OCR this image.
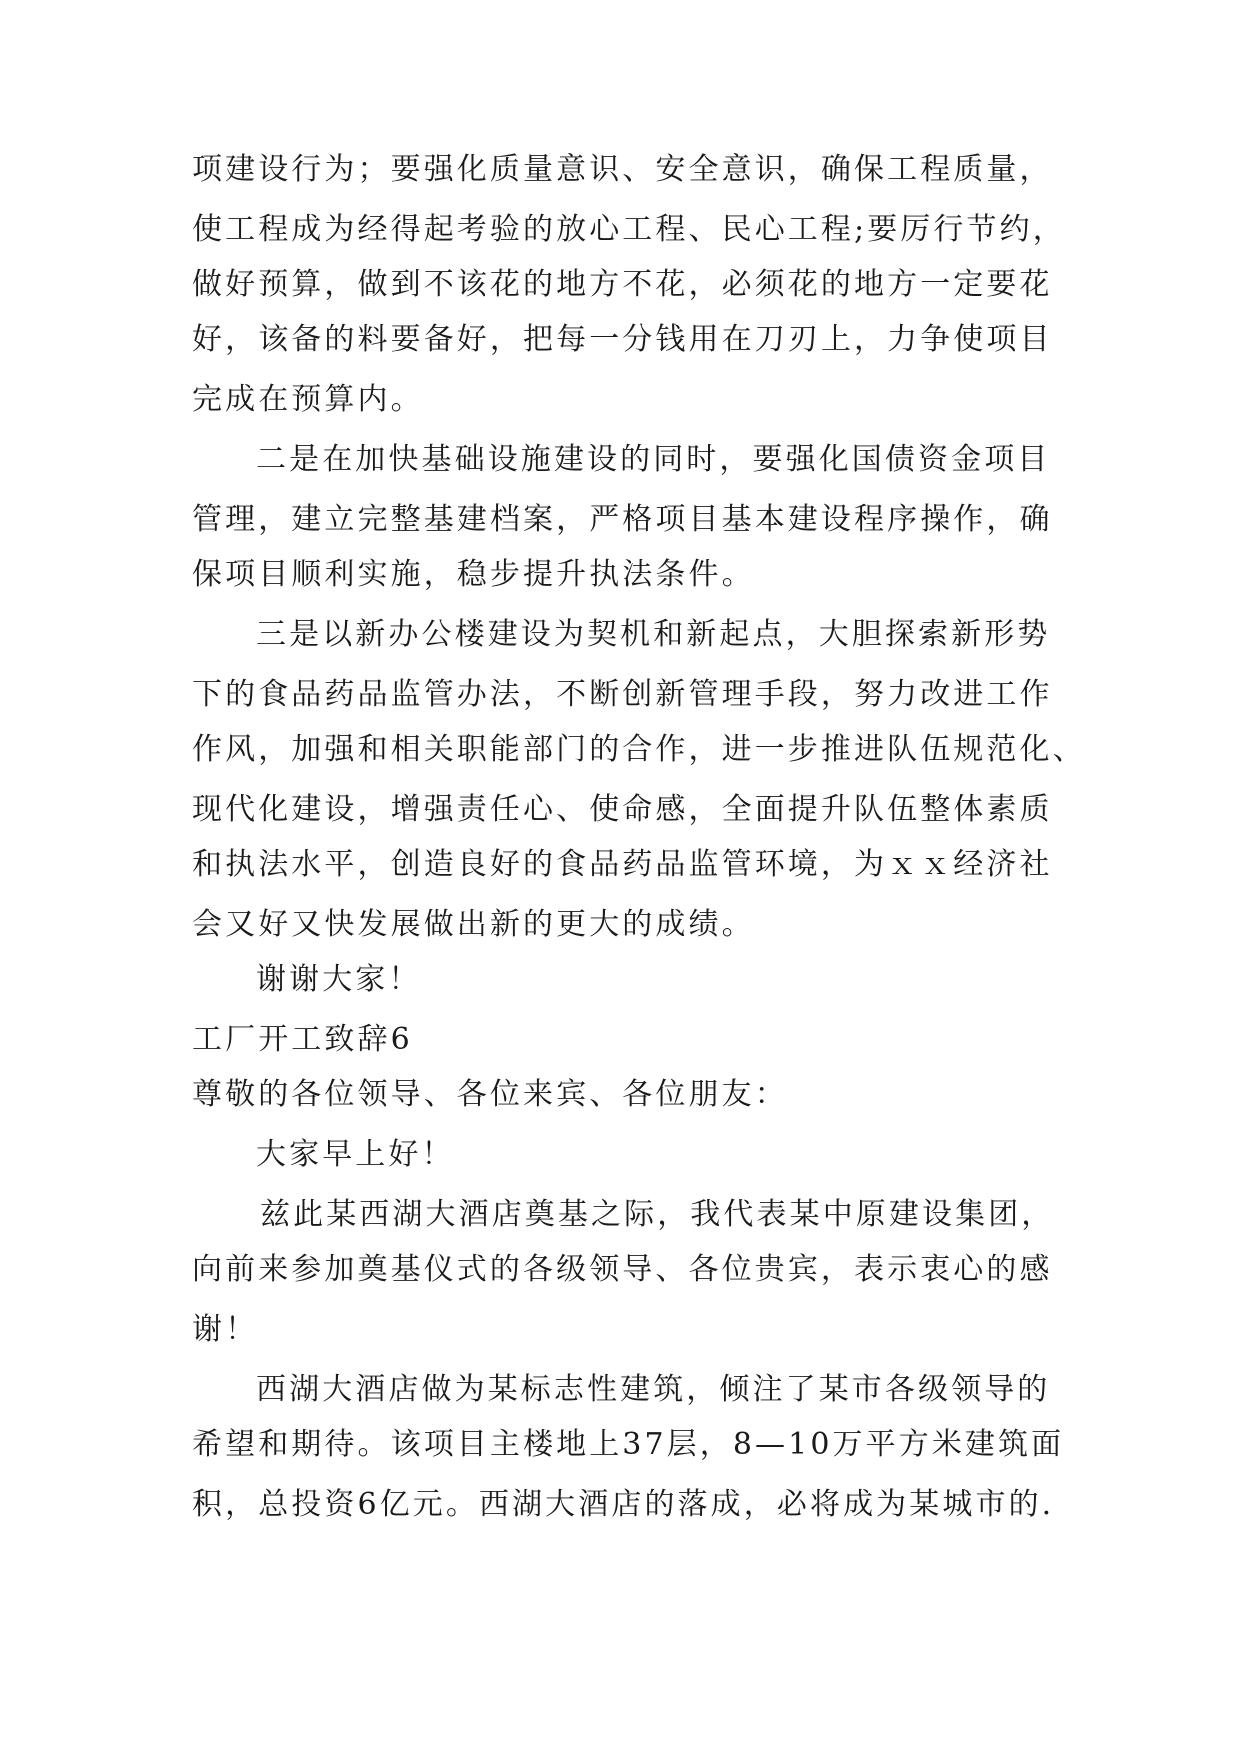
项建设行为；要强化质量意识、安全意识，确保工程质量，
使工程成为经得起考验的放心工程、民心工程;要厉行节约，
做好预算，做到不该花的地方不花，必须花的地方一定要花
好，该备的料要备好，把每一分钱用在刀刃上，力争使项目
完成在预算内。
二是在加快基础设施建设的同时，要强化国债资金项目
管理，建立完整基建档案，严格项目基本建设程序操作，确
保项目顺利实施，稳步提升执法条件。
三是以新办公楼建设为契机和新起点，大胆探索新形势
下的食品药品监管办法，不断创新管理手段，努力改进工作
作风，加强和相关职能部门的合作，进一步推进队伍规范化、
现代化建设，增强责任心、使命感，全面提升队伍整体素质
和执法水平，创造良好的食品药品监管环境，为ｘｘ经济社
会又好又快发展做出新的更大的成绩。
谢谢大家！
工厂开工致辞6
尊敬的各位领导、各位来宾、各位朋友：
大家早上好！
兹此某西湖大酒店奠基之际，我代表某中原建设集团，
向前来参加奠基仪式的各级领导、各位贵宾，表示衷心的感
谢！
西湖大酒店做为某标志性建筑，倾注了某市各级领导的
希望和期待。该项目主楼地上37层，8—10万平方米建筑面
积，总投资6亿元。西湖大酒店的落成，必将成为某城市的.
